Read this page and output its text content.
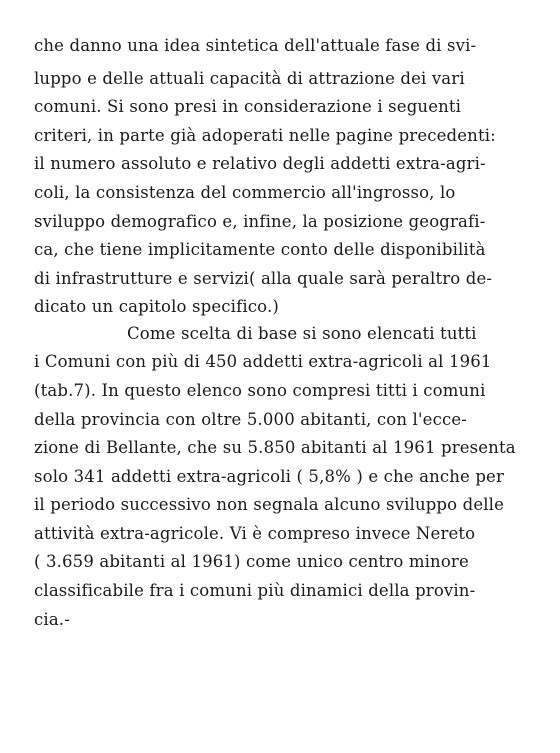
che danno una idea sintetica dell'attuale fase di svi-
luppo e delle attuali capacità di attrazione dei vari
comuni. Si sono presi in considerazione i seguenti
criteri, in parte già adoperati nelle pagine precedenti:
il numero assoluto e relativo degli addetti extra-agri-
coli, la consistenza del commercio all'ingrosso, lo
sviluppo demografico e, infine, la posizione geografi-
ca, che tiene implicitamente conto delle disponibilità
di infrastrutture e servizi( alla quale sarà peraltro de-
dicato un capitolo specifico.)
Come scelta di base si sono elencati tutti
i Comuni con più di 450 addetti extra-agricoli al 1961
(tab.7). In questo elenco sono compresi titti i comuni
della provincia con oltre 5.000 abitanti, con l'ecce-
zione di Bellante, che su 5.850 abitanti al 1961 presenta
solo 341 addetti extra-agricoli ( 5,8% ) e che anche per
il periodo successivo non segnala alcuno sviluppo delle
attività extra-agricole. Vi è compreso invece Nereto
( 3.659 abitanti al 1961) come unico centro minore
classificabile fra i comuni più dinamici della provin-
cia.-
